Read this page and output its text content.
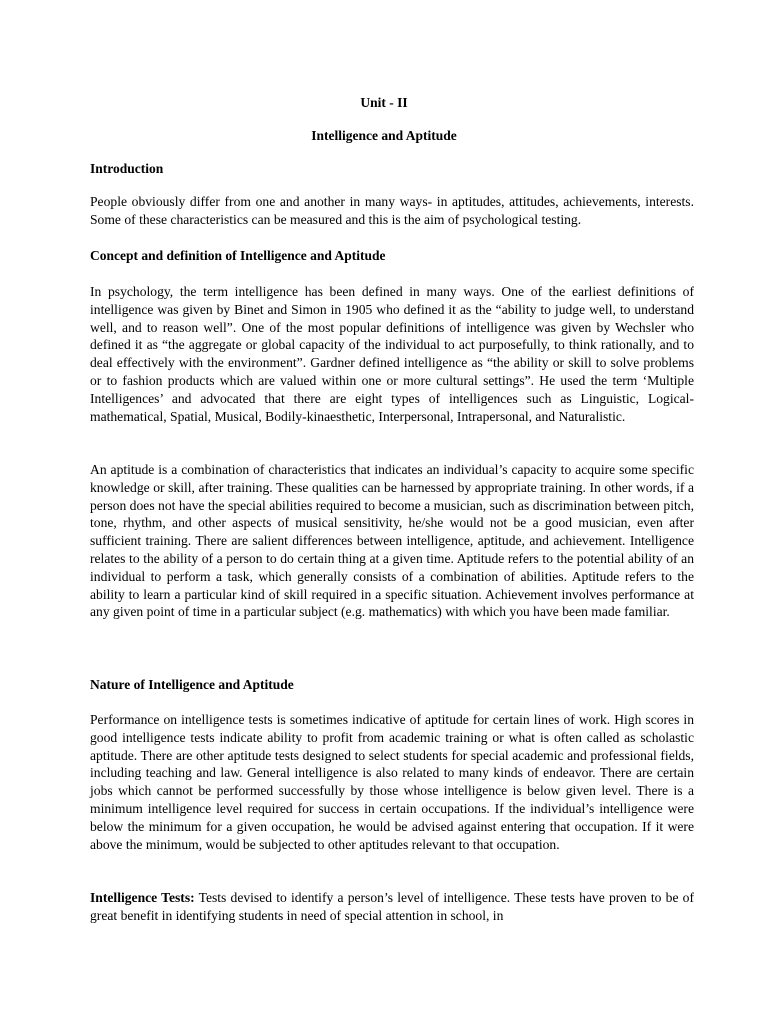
Unit - II

Intelligence and Aptitude

Introduction

People obviously differ from one and another in many ways- in aptitudes, attitudes, achievements, interests. Some of these characteristics can be measured and this is the aim of psychological testing.

Concept and definition of Intelligence and Aptitude

In psychology, the term intelligence has been defined in many ways. One of the earliest definitions of intelligence was given by Binet and Simon in 1905 who defined it as the “ability to judge well, to understand well, and to reason well”. One of the most popular definitions of intelligence was given by Wechsler who defined it as “the aggregate or global capacity of the individual to act purposefully, to think rationally, and to deal effectively with the environment”. Gardner defined intelligence as “the ability or skill to solve problems or to fashion products which are valued within one or more cultural settings”. He used the term ‘Multiple Intelligences’ and advocated that there are eight types of intelligences such as Linguistic, Logical-mathematical, Spatial, Musical, Bodily-kinaesthetic, Interpersonal, Intrapersonal, and Naturalistic.

An aptitude is a combination of characteristics that indicates an individual’s capacity to acquire some specific knowledge or skill, after training. These qualities can be harnessed by appropriate training. In other words, if a person does not have the special abilities required to become a musician, such as discrimination between pitch, tone, rhythm, and other aspects of musical sensitivity, he/she would not be a good musician, even after sufficient training. There are salient differences between intelligence, aptitude, and achievement. Intelligence relates to the ability of a person to do certain thing at a given time. Aptitude refers to the potential ability of an individual to perform a task, which generally consists of a combination of abilities. Aptitude refers to the ability to learn a particular kind of skill required in a specific situation. Achievement involves performance at any given point of time in a particular subject (e.g. mathematics) with which you have been made familiar.

Nature of Intelligence and Aptitude

Performance on intelligence tests is sometimes indicative of aptitude for certain lines of work. High scores in good intelligence tests indicate ability to profit from academic training or what is often called as scholastic aptitude. There are other aptitude tests designed to select students for special academic and professional fields, including teaching and law. General intelligence is also related to many kinds of endeavor. There are certain jobs which cannot be performed successfully by those whose intelligence is below given level. There is a minimum intelligence level required for success in certain occupations. If the individual’s intelligence were below the minimum for a given occupation, he would be advised against entering that occupation. If it were above the minimum, would be subjected to other aptitudes relevant to that occupation.

Intelligence Tests: Tests devised to identify a person’s level of intelligence. These tests have proven to be of great benefit in identifying students in need of special attention in school, in
